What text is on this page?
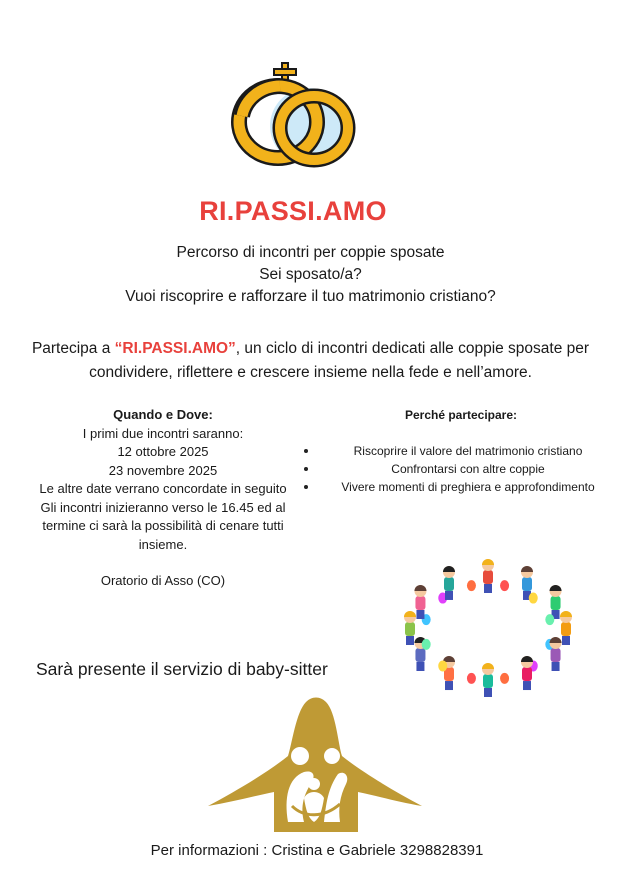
RI.PASSI.AMO
Percorso di incontri per coppie sposate
Sei sposato/a?
Vuoi riscoprire e rafforzare il tuo matrimonio cristiano?
Partecipa a “RI.PASSI.AMO”, un ciclo di incontri dedicati alle coppie sposate per condividere, riflettere e crescere insieme nella fede e nell’amore.
Quando e Dove:
I primi due incontri saranno:
12 ottobre 2025
23 novembre 2025
Le altre date verrano concordate in seguito
Gli incontri inizieranno verso le 16.45 ed al termine ci sarà la possibilità di cenare tutti insieme.
Oratorio di Asso (CO)
Perché partecipare:
Riscoprire il valore del matrimonio cristiano
Confrontarsi con altre coppie
Vivere momenti di preghiera e approfondimento
Sarà presente il servizio di baby-sitter
Per informazioni : Cristina e Gabriele 3298828391
